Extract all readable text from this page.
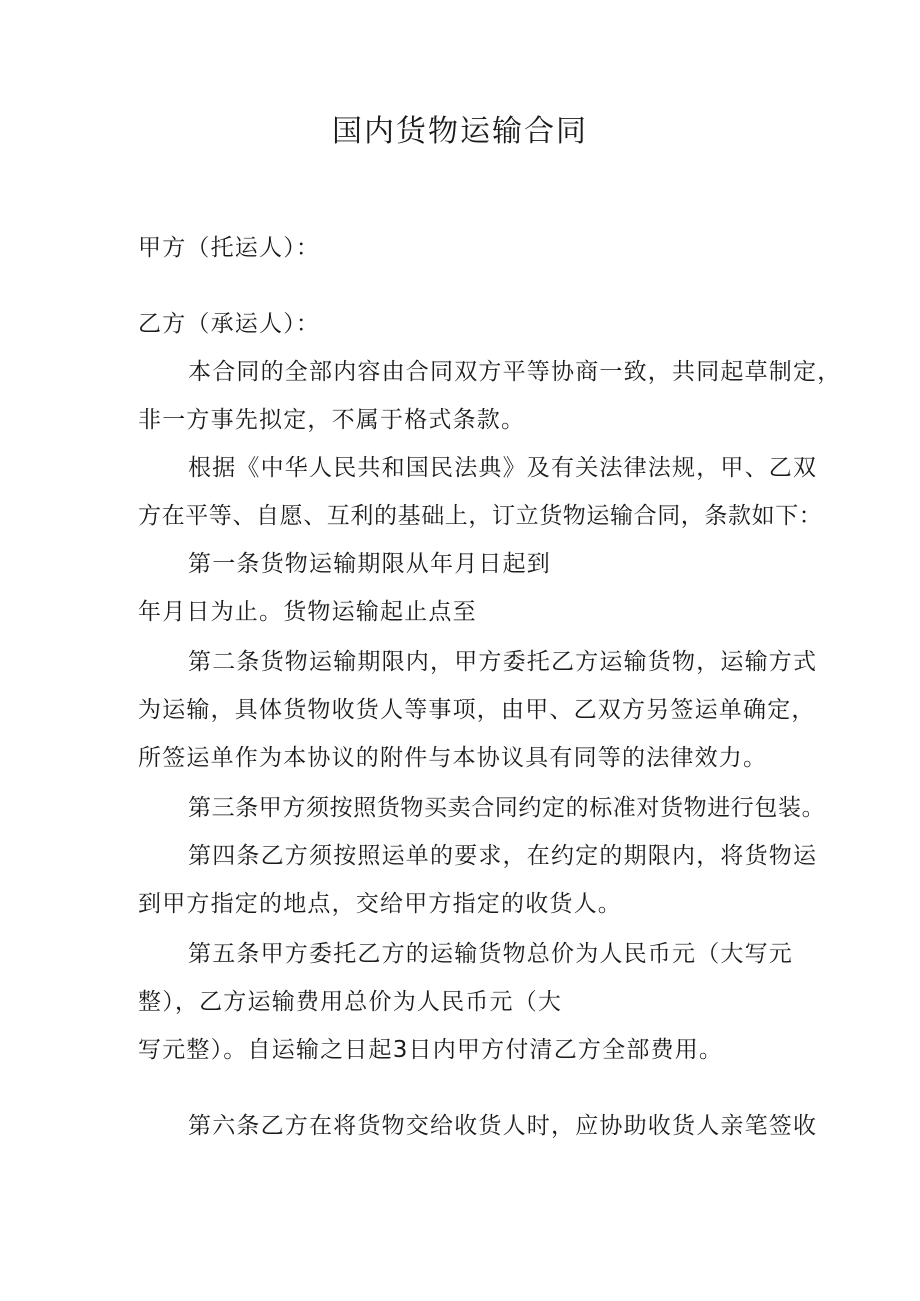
国内货物运输合同

甲方（托运人）：

乙方（承运人）：

本合同的全部内容由合同双方平等协商一致，共同起草制定，

非一方事先拟定，不属于格式条款。

根据《中华人民共和国民法典》及有关法律法规，甲、乙双

方在平等、自愿、互利的基础上，订立货物运输合同，条款如下：

第一条货物运输期限从年月日起到

年月日为止。货物运输起止点至

第二条货物运输期限内，甲方委托乙方运输货物，运输方式

为运输，具体货物收货人等事项，由甲、乙双方另签运单确定，

所签运单作为本协议的附件与本协议具有同等的法律效力。

第三条甲方须按照货物买卖合同约定的标准对货物进行包装。

第四条乙方须按照运单的要求，在约定的期限内，将货物运

到甲方指定的地点，交给甲方指定的收货人。

第五条甲方委托乙方的运输货物总价为人民币元（大写元

整），乙方运输费用总价为人民币元（大

写元整）。自运输之日起3日内甲方付清乙方全部费用。

第六条乙方在将货物交给收货人时，应协助收货人亲笔签收
